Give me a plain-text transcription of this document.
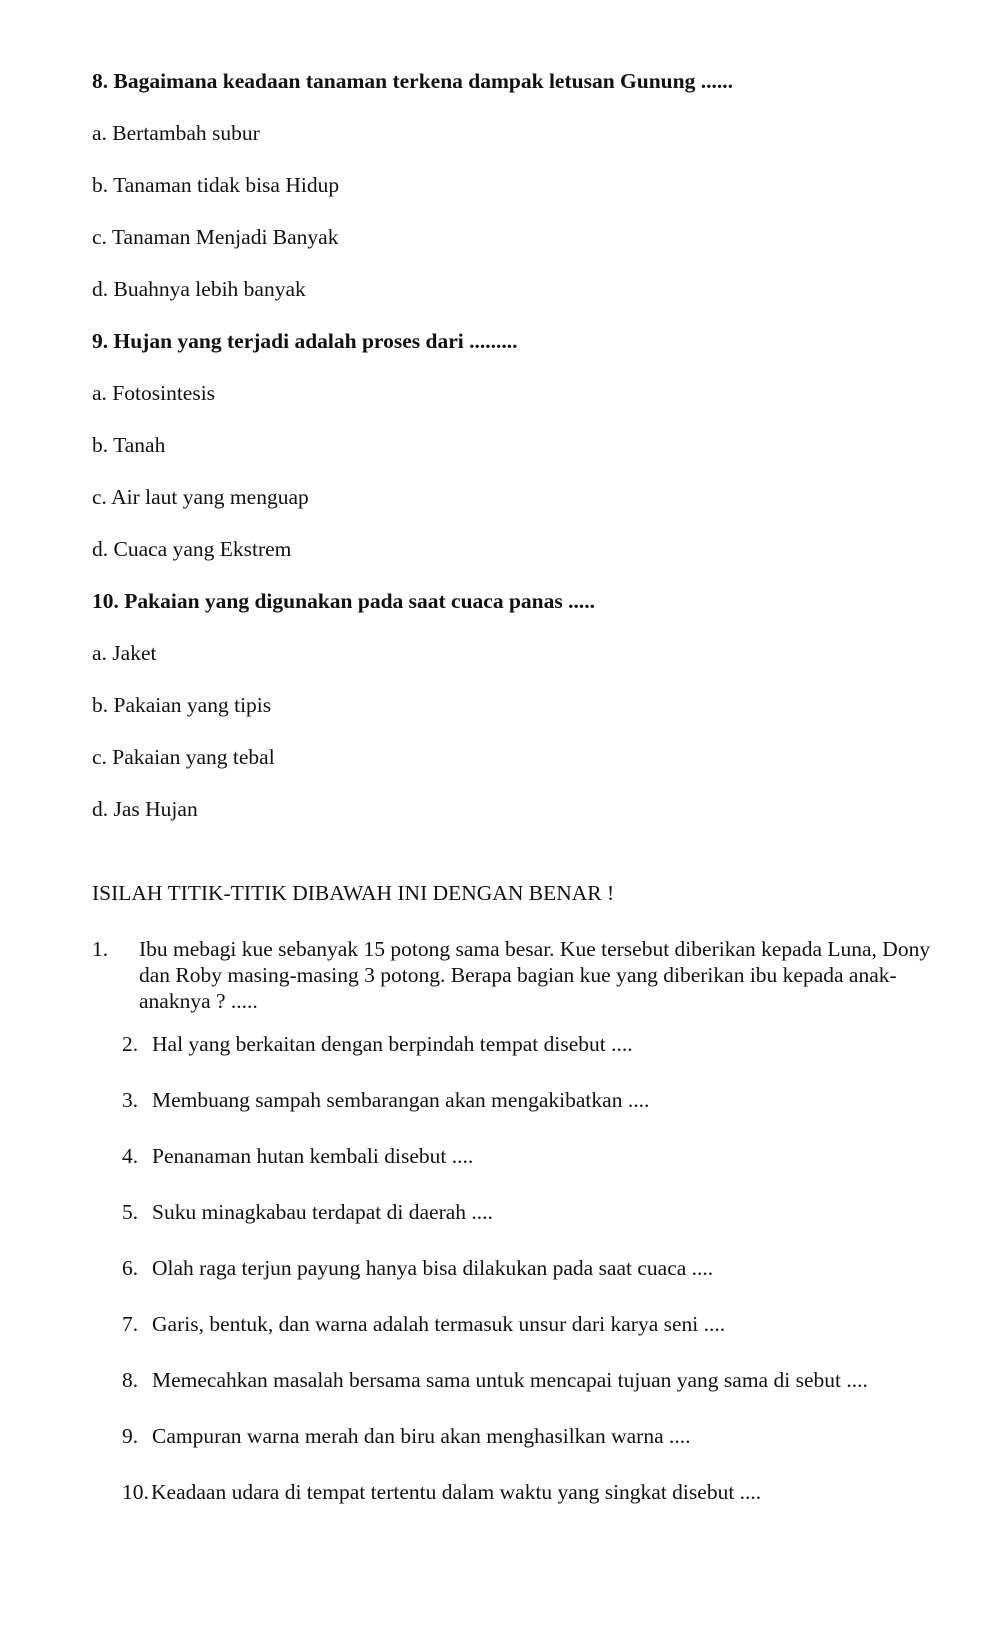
8. Bagaimana keadaan tanaman terkena dampak letusan Gunung ......
a. Bertambah subur
b. Tanaman tidak bisa Hidup
c. Tanaman Menjadi Banyak
d. Buahnya lebih banyak
9. Hujan yang terjadi adalah proses dari .........
a. Fotosintesis
b. Tanah
c. Air laut yang menguap
d. Cuaca yang Ekstrem
10. Pakaian yang digunakan pada saat cuaca panas .....
a. Jaket
b. Pakaian yang tipis
c. Pakaian yang tebal
d. Jas Hujan
ISILAH TITIK-TITIK DIBAWAH INI DENGAN BENAR !
1. Ibu mebagi kue sebanyak 15 potong sama besar. Kue tersebut diberikan kepada Luna, Dony dan Roby masing-masing 3 potong. Berapa bagian kue yang diberikan ibu kepada anak-anaknya ? .....
2. Hal yang berkaitan dengan berpindah tempat disebut ....
3. Membuang sampah sembarangan akan mengakibatkan ....
4. Penanaman hutan kembali disebut ....
5. Suku minagkabau terdapat di daerah ....
6. Olah raga terjun payung hanya bisa dilakukan pada saat cuaca ....
7. Garis, bentuk, dan warna adalah termasuk unsur dari karya seni ....
8. Memecahkan masalah bersama sama untuk mencapai tujuan yang sama di sebut ....
9. Campuran warna merah dan biru akan menghasilkan warna ....
10.Keadaan udara di tempat tertentu dalam waktu yang singkat disebut ....
